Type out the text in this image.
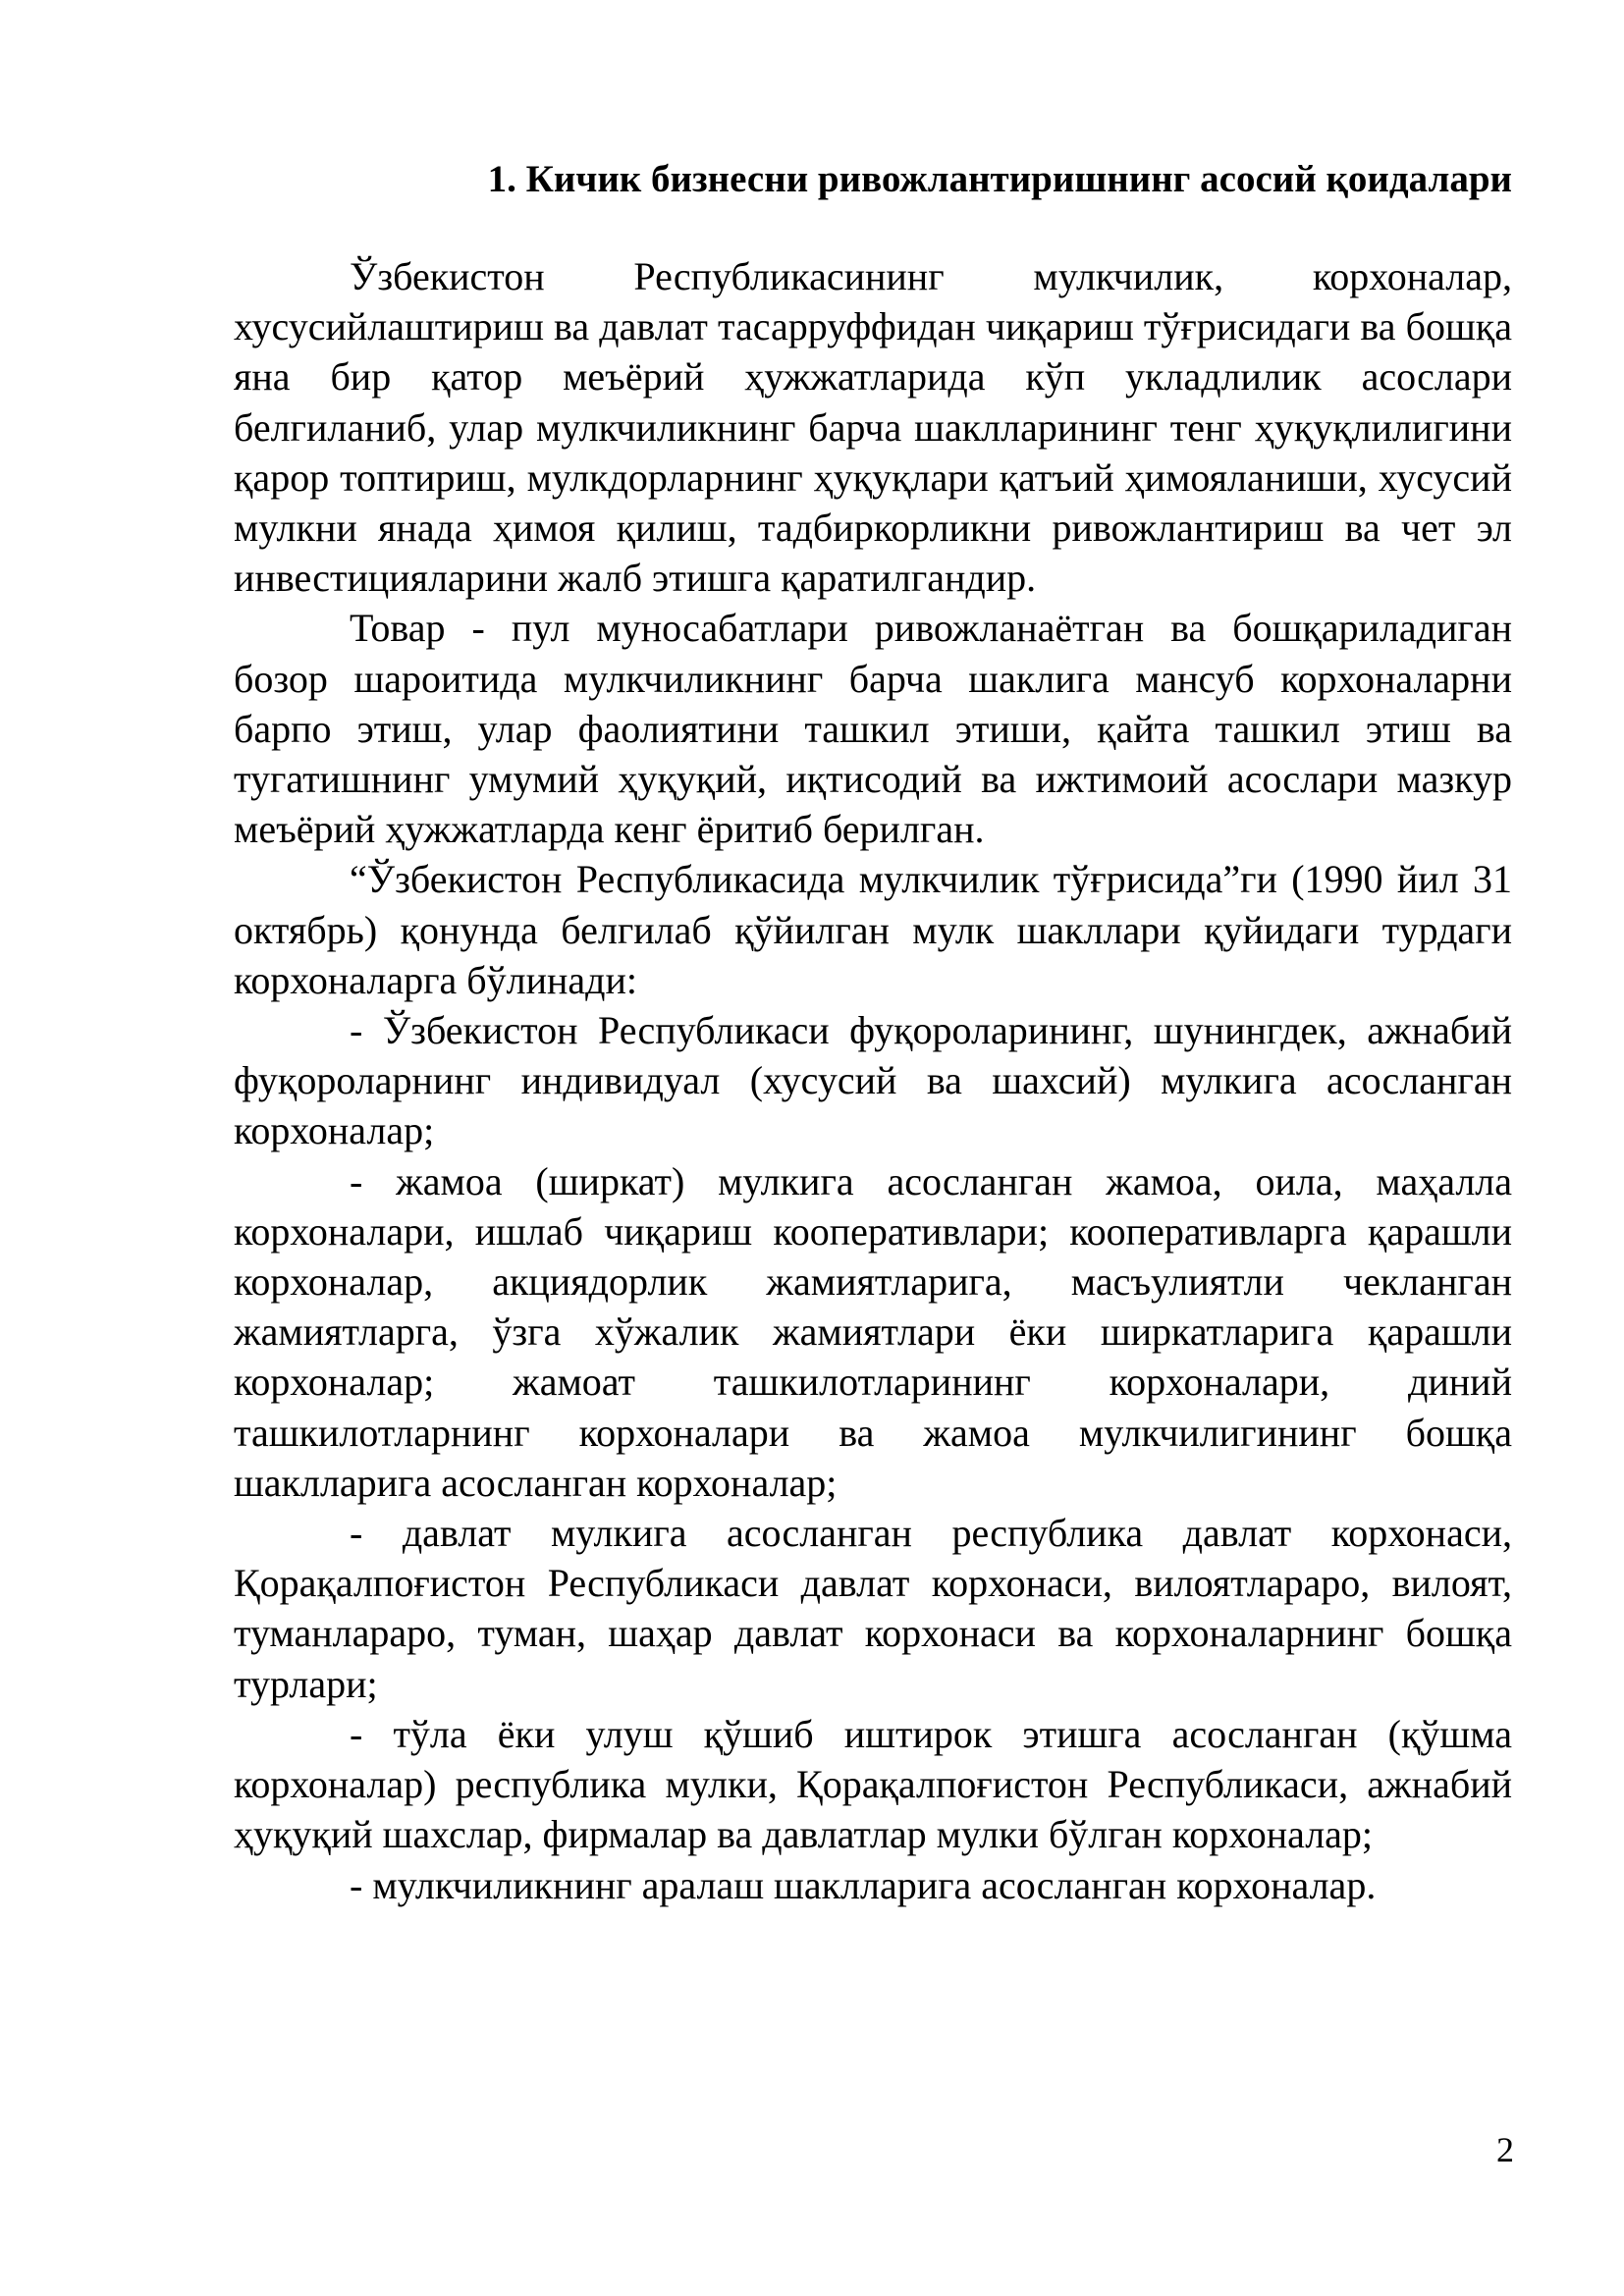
1. Кичик бизнесни ривожлантиришнинг асосий қоидалари

Ўзбекистон Республикасининг мулкчилик, корхоналар, хусусийлаштириш ва давлат тасарруффидан чиқариш тўғрисидаги ва бошқа яна бир қатор меъёрий ҳужжатларида кўп укладлилик асослари белгиланиб, улар мулкчиликнинг барча шаклларининг тенг ҳуқуқлилигини қарор топтириш, мулкдорларнинг ҳуқуқлари қатъий ҳимояланиши, хусусий мулкни янада ҳимоя қилиш, тадбиркорликни ривожлантириш ва чет эл инвестицияларини жалб этишга қаратилгандир.

Товар - пул муносабатлари ривожланаётган ва бошқариладиган бозор шароитида мулкчиликнинг барча шаклига мансуб корхоналарни барпо этиш, улар фаолиятини ташкил этиши, қайта ташкил этиш ва тугатишнинг умумий ҳуқуқий, иқтисодий ва ижтимоий асослари мазкур меъёрий ҳужжатларда кенг ёритиб берилган.

“Ўзбекистон Республикасида мулкчилик тўғрисида”ги (1990 йил 31 октябрь) қонунда белгилаб қўйилган мулк шакллари қуйидаги турдаги корхоналарга бўлинади:

- Ўзбекистон Республикаси фуқороларининг, шунингдек, ажнабий фуқороларнинг индивидуал (хусусий ва шахсий) мулкига асосланган корхоналар;

- жамоа (ширкат) мулкига асосланган жамоа, оила, маҳалла корхоналари, ишлаб чиқариш кооперативлари; кооперативларга қарашли корхоналар, акциядорлик жамиятларига, масъулиятли чекланган жамиятларга, ўзга хўжалик жамиятлари ёки ширкатларига қарашли корхоналар; жамоат ташкилотларининг корхоналари, диний ташкилотларнинг корхоналари ва жамоа мулкчилигининг бошқа шаклларига асосланган корхоналар;

- давлат мулкига асосланган республика давлат корхонаси, Қорақалпоғистон Республикаси давлат корхонаси, вилоятлараро, вилоят, туманлараро, туман, шаҳар давлат корхонаси ва корхоналарнинг бошқа турлари;

- тўла ёки улуш қўшиб иштирок этишга асосланган (қўшма корхоналар) республика мулки, Қорақалпоғистон Республикаси, ажнабий ҳуқуқий шахслар, фирмалар ва давлатлар мулки бўлган корхоналар;

- мулкчиликнинг аралаш шаклларига асосланган корхоналар.

2
